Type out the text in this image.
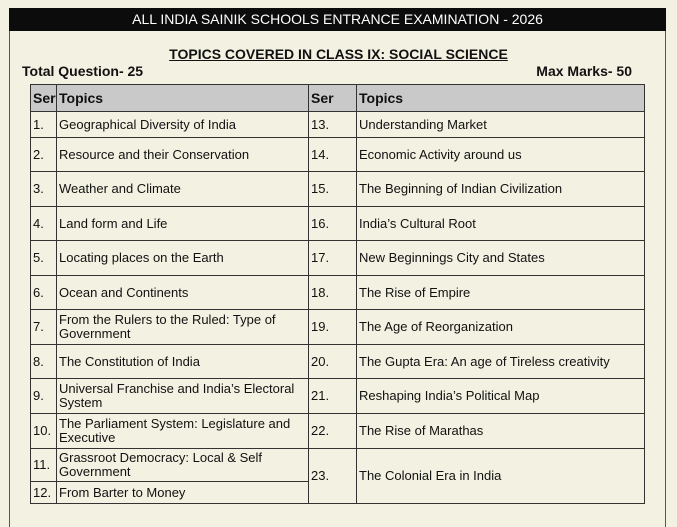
ALL INDIA SAINIK SCHOOLS ENTRANCE EXAMINATION - 2026
TOPICS COVERED IN CLASS IX: SOCIAL SCIENCE
Total Question- 25	Max Marks- 50
Ser	Topics	Ser	Topics
1.	Geographical Diversity of India	13.	Understanding Market
2.	Resource and their Conservation	14.	Economic Activity around us
3.	Weather and Climate	15.	The Beginning of Indian Civilization
4.	Land form and Life	16.	India’s Cultural Root
5.	Locating places on the Earth	17.	New Beginnings City and States
6.	Ocean and Continents	18.	The Rise of Empire
7.	From the Rulers to the Ruled: Type of Government	19.	The Age of Reorganization
8.	The Constitution of India	20.	The Gupta Era: An age of Tireless creativity
9.	Universal Franchise and India’s Electoral System	21.	Reshaping India’s Political Map
10.	The Parliament System: Legislature and Executive	22.	The Rise of Marathas
11.	Grassroot Democracy: Local & Self Government	23.	The Colonial Era in India
12.	From Barter to Money		
